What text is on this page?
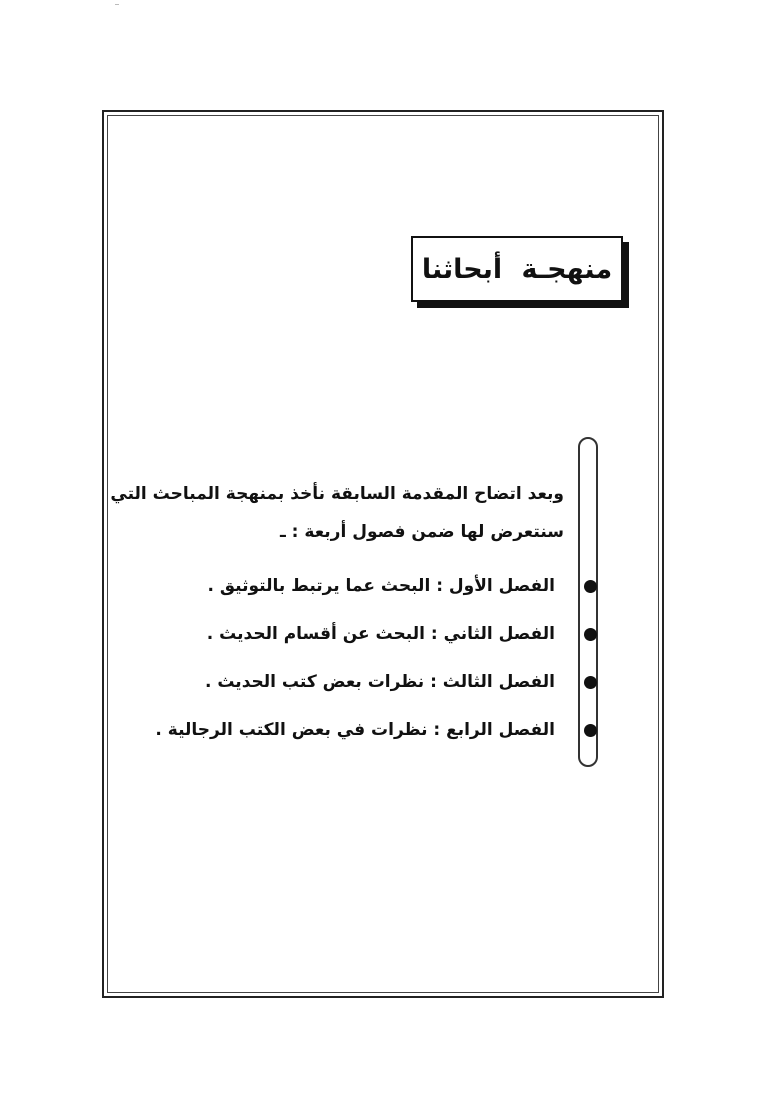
منهجـة أبحاثنا
وبعد اتضاح المقدمة السابقة نأخذ بمنهجة المباحث التي
سنتعرض لها ضمن فصول أربعة : ـ
الفصل الأول : البحث عما يرتبط بالتوثيق .
الفصل الثاني : البحث عن أقسام الحديث .
الفصل الثالث : نظرات بعض كتب الحديث .
الفصل الرابع : نظرات في بعض الكتب الرجالية .
